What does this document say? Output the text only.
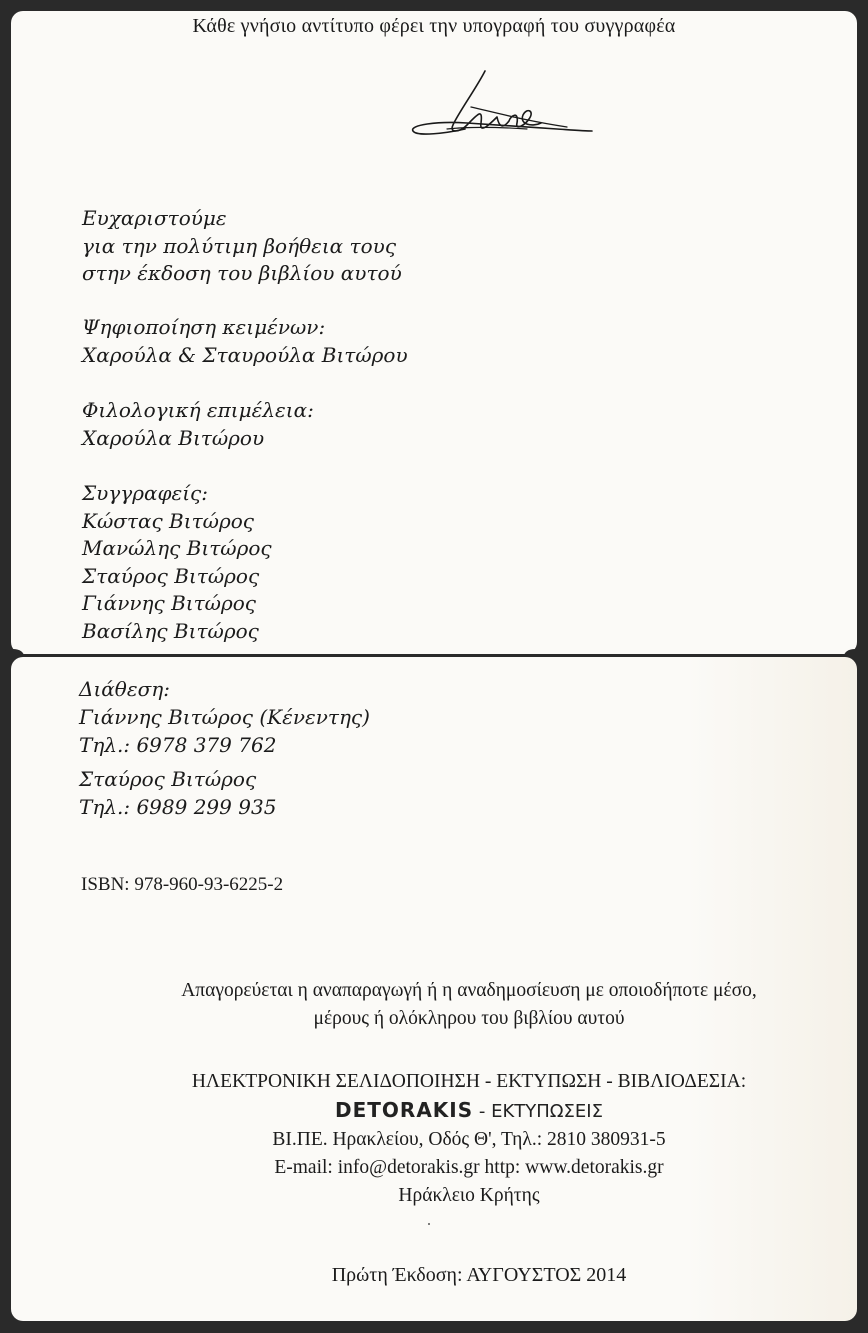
Κάθε γνήσιο αντίτυπο φέρει την υπογραφή του συγγραφέα
Ευχαριστούμε
για την πολύτιμη βοήθεια τους
στην έκδοση του βιβλίου αυτού
Ψηφιοποίηση κειμένων:
Χαρούλα & Σταυρούλα Βιτώρου
Φιλολογική επιμέλεια:
Χαρούλα Βιτώρου
Συγγραφείς:
Κώστας Βιτώρος
Μανώλης Βιτώρος
Σταύρος Βιτώρος
Γιάννης Βιτώρος
Βασίλης Βιτώρος
Διάθεση:
Γιάννης Βιτώρος (Κένεντης)
Τηλ.: 6978 379 762
Σταύρος Βιτώρος
Τηλ.: 6989 299 935
ISBN: 978-960-93-6225-2
Απαγορεύεται η αναπαραγωγή ή η αναδημοσίευση με οποιοδήποτε μέσο,
μέρους ή ολόκληρου του βιβλίου αυτού
ΗΛΕΚΤΡΟΝΙΚΗ ΣΕΛΙΔΟΠΟΙΗΣΗ - ΕΚΤΥΠΩΣΗ - ΒΙΒΛΙΟΔΕΣΙΑ:
DETORAKIS - ΕΚΤΥΠΩΣΕΙΣ
ΒΙ.ΠΕ. Ηρακλείου, Οδός Θ', Τηλ.: 2810 380931-5
E-mail: info@detorakis.gr http: www.detorakis.gr
Ηράκλειο Κρήτης
Πρώτη Έκδοση: ΑΥΓΟΥΣΤΟΣ 2014
